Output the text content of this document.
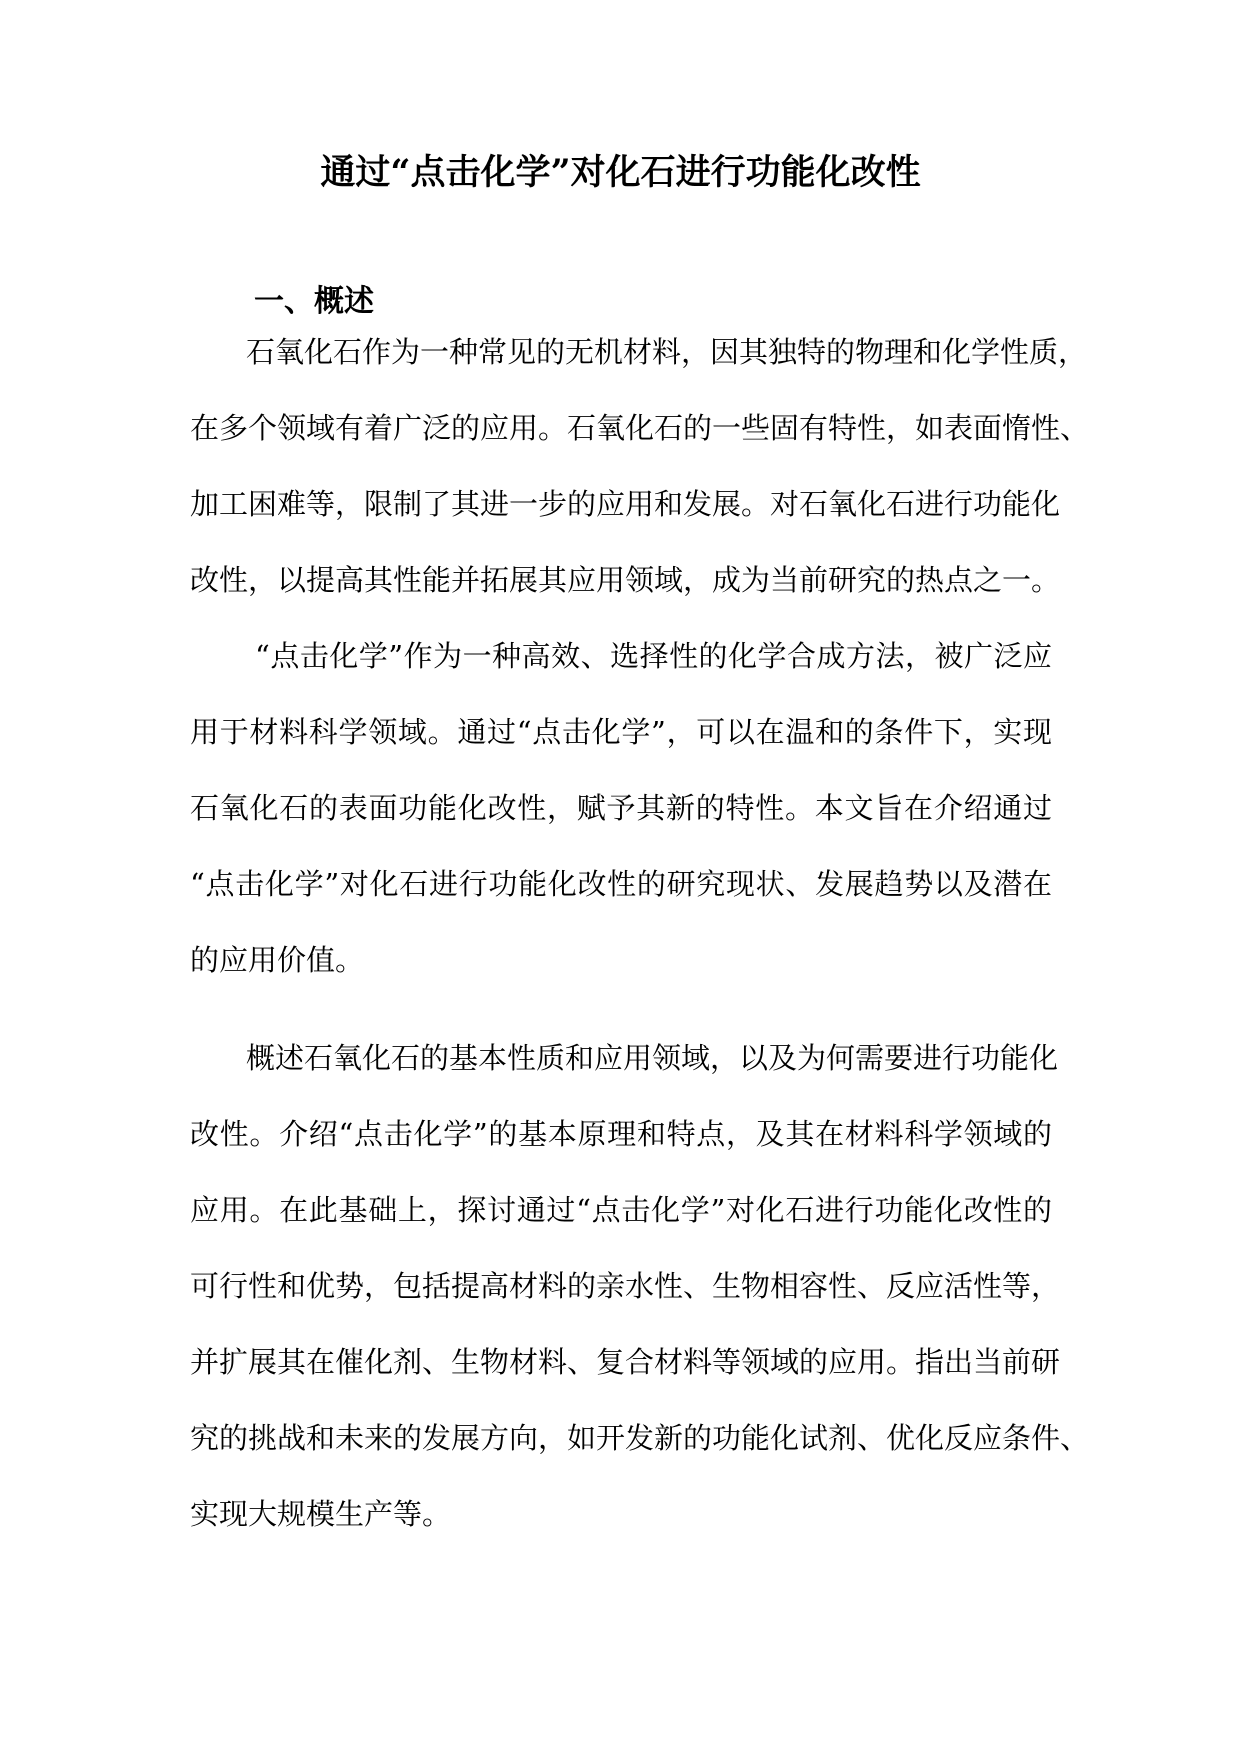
通过“点击化学”对化石进行功能化改性
一、概述
石氧化石作为一种常见的无机材料，因其独特的物理和化学性质，
在多个领域有着广泛的应用。石氧化石的一些固有特性，如表面惰性、
加工困难等，限制了其进一步的应用和发展。对石氧化石进行功能化
改性，以提高其性能并拓展其应用领域，成为当前研究的热点之一。
“点击化学”作为一种高效、选择性的化学合成方法，被广泛应
用于材料科学领域。通过“点击化学”，可以在温和的条件下，实现
石氧化石的表面功能化改性，赋予其新的特性。本文旨在介绍通过
“点击化学”对化石进行功能化改性的研究现状、发展趋势以及潜在
的应用价值。
概述石氧化石的基本性质和应用领域，以及为何需要进行功能化
改性。介绍“点击化学”的基本原理和特点，及其在材料科学领域的
应用。在此基础上，探讨通过“点击化学”对化石进行功能化改性的
可行性和优势，包括提高材料的亲水性、生物相容性、反应活性等，
并扩展其在催化剂、生物材料、复合材料等领域的应用。指出当前研
究的挑战和未来的发展方向，如开发新的功能化试剂、优化反应条件、
实现大规模生产等。
